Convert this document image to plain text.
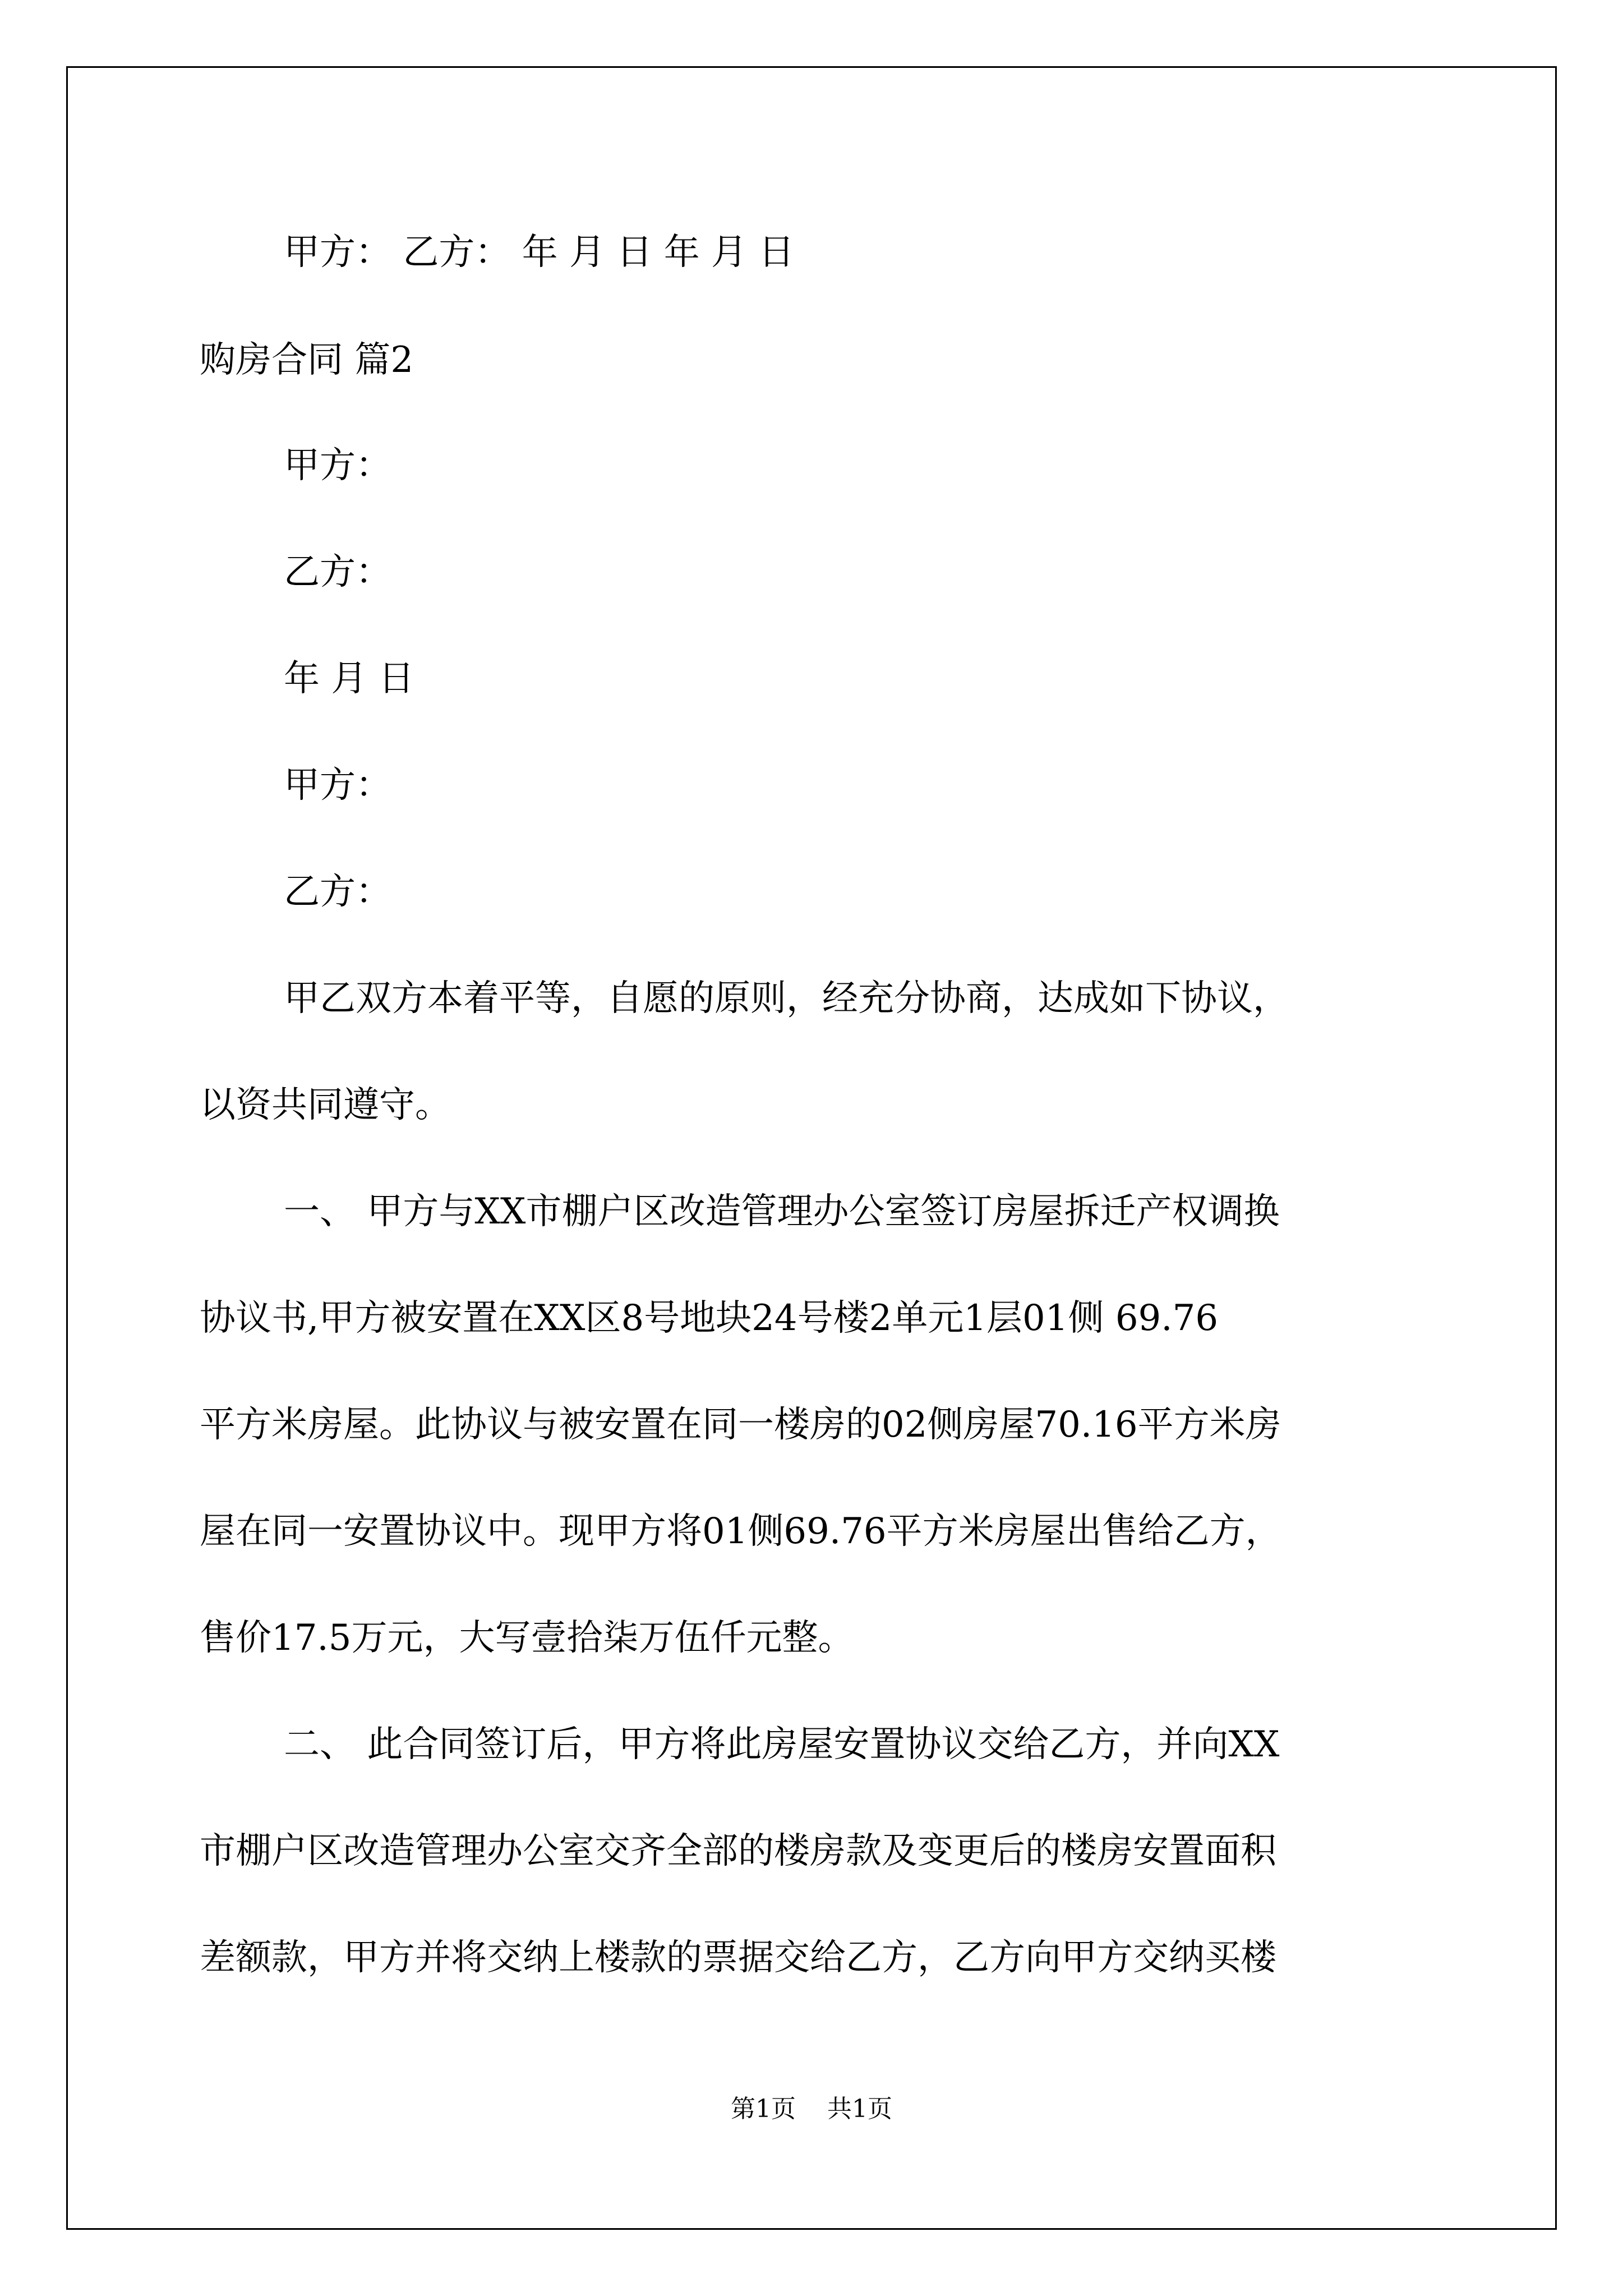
甲方： 乙方： 年 月 日 年 月 日
购房合同 篇2
甲方：
乙方：
年 月 日
甲方：
乙方：
甲乙双方本着平等，自愿的原则，经充分协商，达成如下协议，
以资共同遵守。
一、 甲方与XX市棚户区改造管理办公室签订房屋拆迁产权调换
协议书,甲方被安置在XX区8号地块24号楼2单元1层01侧 69.76
平方米房屋。此协议与被安置在同一楼房的02侧房屋70.16平方米房
屋在同一安置协议中。现甲方将01侧69.76平方米房屋出售给乙方，
售价17.5万元，大写壹拾柒万伍仟元整。
二、 此合同签订后，甲方将此房屋安置协议交给乙方，并向XX
市棚户区改造管理办公室交齐全部的楼房款及变更后的楼房安置面积
差额款，甲方并将交纳上楼款的票据交给乙方，乙方向甲方交纳买楼
第1页    共1页
